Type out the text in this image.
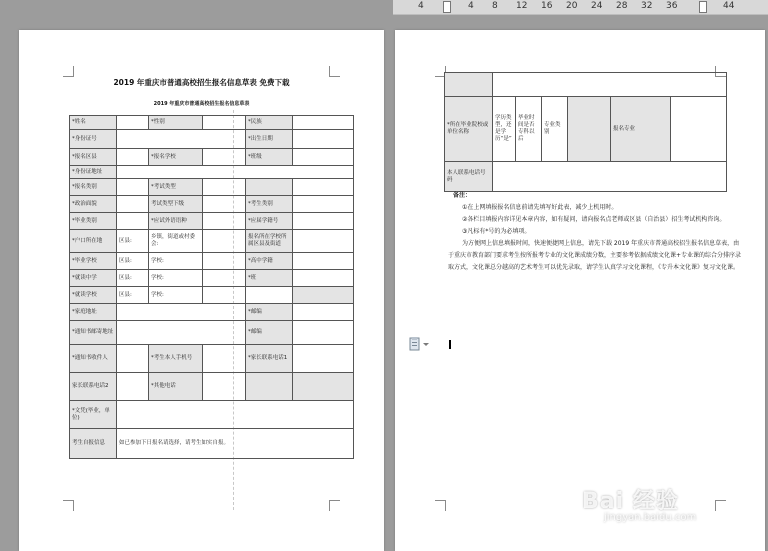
4	4 8 12 16 20 24 28 32 36	44
2019 年重庆市普通高校招生报名信息草表 免费下载
2019 年重庆市普通高校招生报名信息草表
*姓名		*性别		*民族	
*身份证号				*出生日期	
*报名区县		*报名学校		*班级	
*身份证地址					
*报名类别		*考试类型			
*政治面貌		考试类型下级		*考生类别	
*毕业类别		*应试外语语种		*应届学籍号	
*户口所在地	区县:	乡镇，街道或村委会:		报名所在学校所属区县及街道	
*毕业学校	区县:	学校:		*高中学籍	
*就读中学	区县:	学校:		*班	
*就读学校	区县:	学校:			
*家庭地址				*邮编	
*通知书邮寄地址				*邮编	
*通知书收件人		*考生本人手机号		*家长联系电话1	
家长联系电话2		*其他电话			
*文凭(毕业，单位)					
考生自报信息	如已参加下日报名请选择，请考生如实自报。				

*所在毕业院校或单位名称	学历类型，还是学历“是”	毕业时间是否专科以后	专业类别		报名专业	
本人联系电话号码						

备注：

①在上网填报报名信息前请先填写好此表，减少上机用时。

②各栏目填报内容详见本章内容，如有疑问，请向报名点老师或区县（自治县）招生考试机构咨询。

③凡标有*号的为必填项。

为方便网上信息填报时间，快速便捷网上信息，请先下载 2019 年重庆市普通高校招生报名信息草表，由于重庆市教育部门要求考生按所报考专业的文化课成绩分数，主要参考依据成绩文化课+专业课的综合分排序录取方式，文化课总分越高的艺术考生可以优先录取，请学生认真学习文化课程，《专升本文化课》复习文化课。

Bai 经验
jingyan.baidu.com
